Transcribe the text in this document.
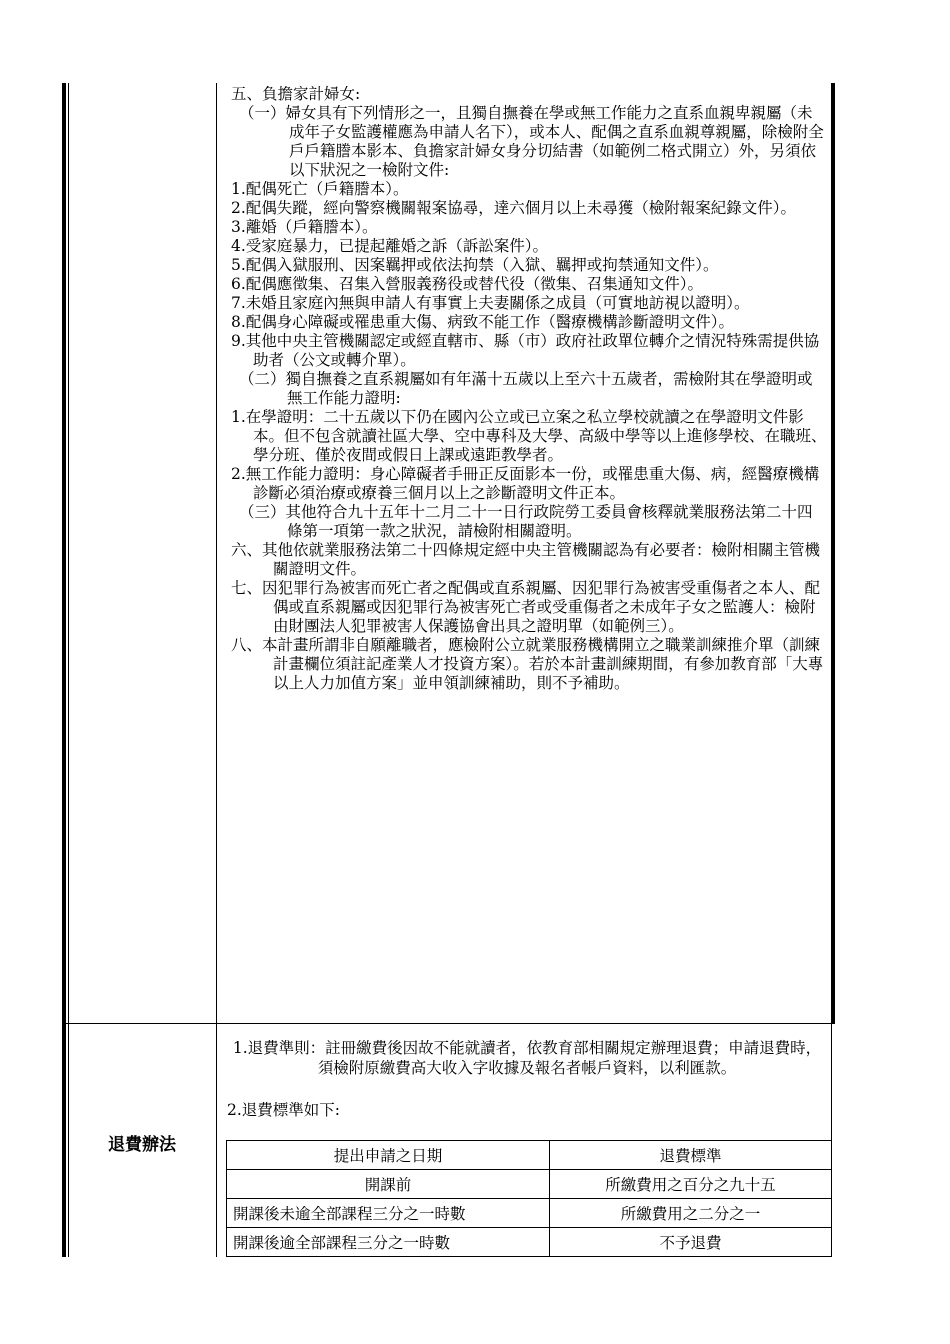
五、負擔家計婦女:

（一）婦女具有下列情形之一，且獨自撫養在學或無工作能力之直系血親卑親屬（未成年子女監護權應為申請人名下），或本人、配偶之直系血親尊親屬，除檢附全戶戶籍謄本影本、負擔家計婦女身分切結書（如範例二格式開立）外，另須依以下狀況之一檢附文件:

1.配偶死亡（戶籍謄本）。

2.配偶失蹤，經向警察機關報案協尋，達六個月以上未尋獲（檢附報案紀錄文件）。

3.離婚（戶籍謄本）。

4.受家庭暴力，已提起離婚之訴（訴訟案件）。

5.配偶入獄服刑、因案羈押或依法拘禁（入獄、羈押或拘禁通知文件）。

6.配偶應徵集、召集入營服義務役或替代役（徵集、召集通知文件）。

7.未婚且家庭內無與申請人有事實上夫妻關係之成員（可實地訪視以證明）。

8.配偶身心障礙或罹患重大傷、病致不能工作（醫療機構診斷證明文件）。

9.其他中央主管機關認定或經直轄市、縣（市）政府社政單位轉介之情況特殊需提供協助者（公文或轉介單）。

（二）獨自撫養之直系親屬如有年滿十五歲以上至六十五歲者，需檢附其在學證明或無工作能力證明:

1.在學證明：二十五歲以下仍在國內公立或已立案之私立學校就讀之在學證明文件影本。但不包含就讀社區大學、空中專科及大學、高級中學等以上進修學校、在職班、學分班、僅於夜間或假日上課或遠距教學者。

2.無工作能力證明：身心障礙者手冊正反面影本一份，或罹患重大傷、病，經醫療機構診斷必須治療或療養三個月以上之診斷證明文件正本。

（三）其他符合九十五年十二月二十一日行政院勞工委員會核釋就業服務法第二十四條第一項第一款之狀況，請檢附相關證明。

六、其他依就業服務法第二十四條規定經中央主管機關認為有必要者：檢附相關主管機關證明文件。

七、因犯罪行為被害而死亡者之配偶或直系親屬、因犯罪行為被害受重傷者之本人、配偶或直系親屬或因犯罪行為被害死亡者或受重傷者之未成年子女之監護人：檢附由財團法人犯罪被害人保護協會出具之證明單（如範例三）。

八、本計畫所謂非自願離職者，應檢附公立就業服務機構開立之職業訓練推介單（訓練計畫欄位須註記產業人才投資方案）。若於本計畫訓練期間，有參加教育部「大專以上人力加值方案」並申領訓練補助，則不予補助。

退費辦法

1.退費準則：註冊繳費後因故不能就讀者，依教育部相關規定辦理退費；申請退費時，須檢附原繳費高大收入字收據及報名者帳戶資料，以利匯款。

2.退費標準如下:

提出申請之日期	退費標準
開課前	所繳費用之百分之九十五
開課後未逾全部課程三分之一時數	所繳費用之二分之一
開課後逾全部課程三分之一時數	不予退費
